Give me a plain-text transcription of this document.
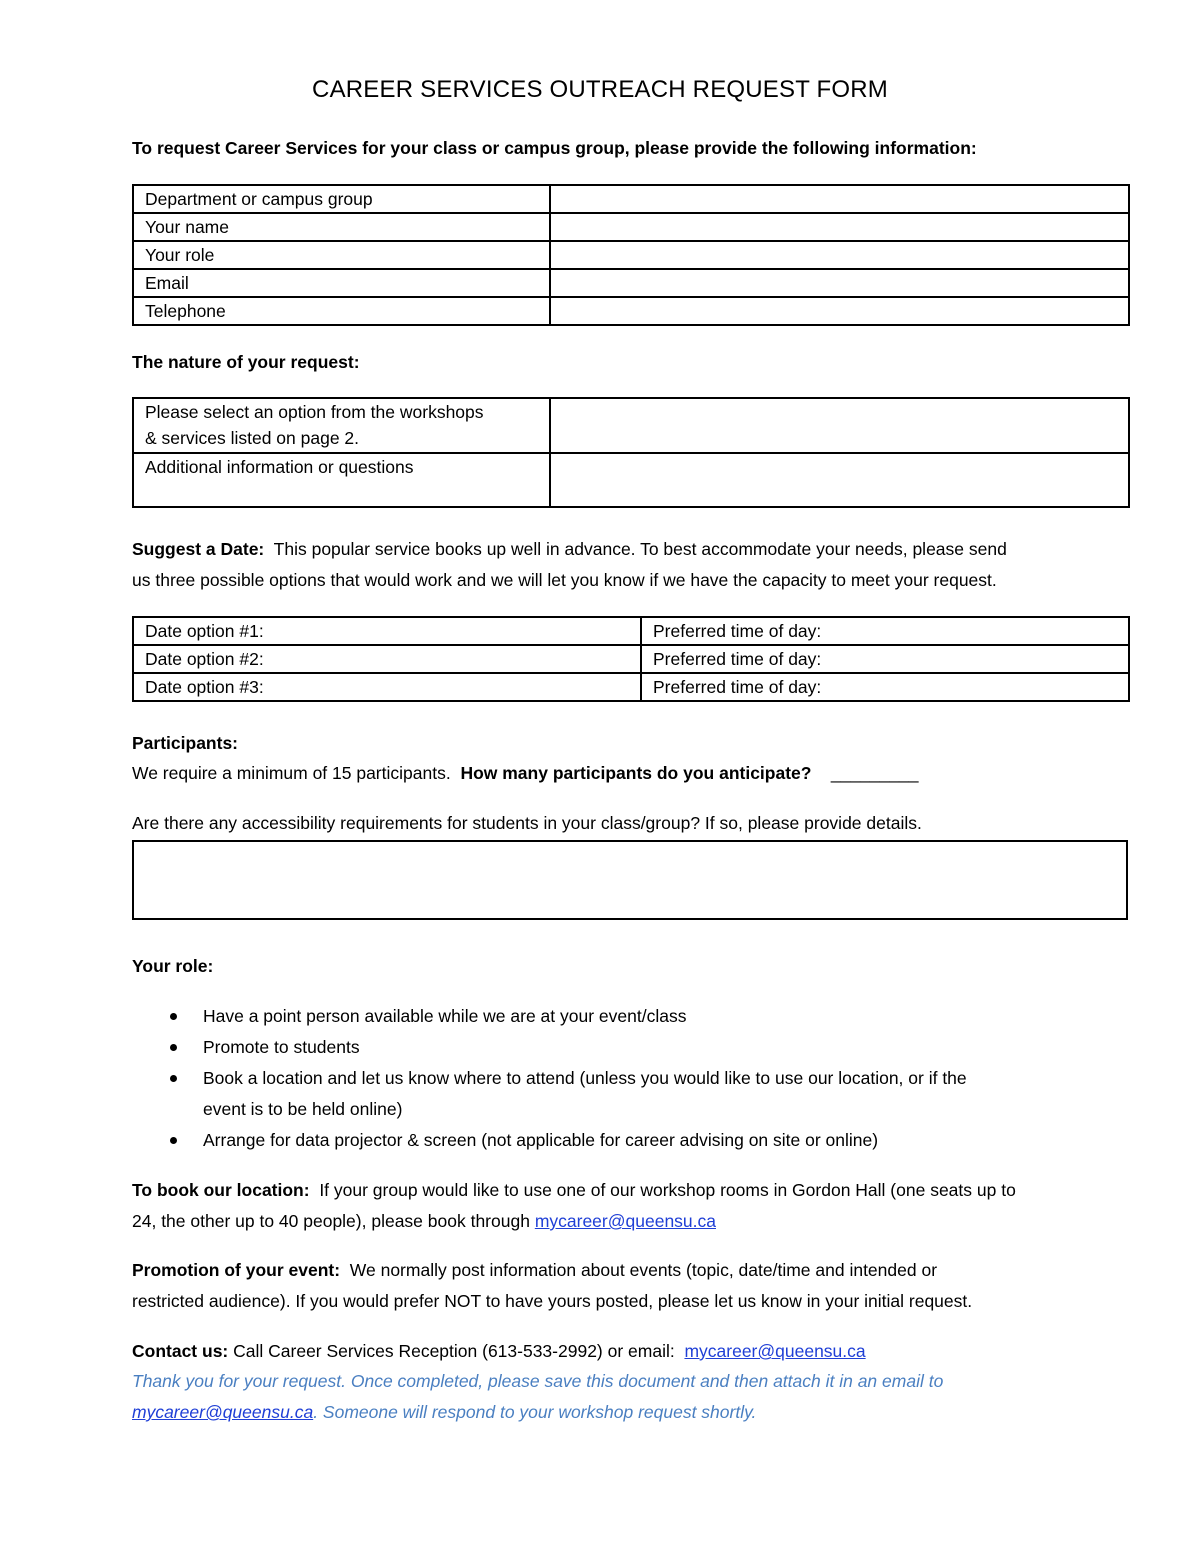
CAREER SERVICES OUTREACH REQUEST FORM
To request Career Services for your class or campus group, please provide the following information:
Department or campus group	
Your name	
Your role	
Email	
Telephone	
The nature of your request:
Please select an option from the workshops
& services listed on page 2.	

Additional information or questions	

Suggest a Date: This popular service books up well in advance. To best accommodate your needs, please send
us three possible options that would work and we will let you know if we have the capacity to meet your request.
Date option #1:	Preferred time of day:
Date option #2:	Preferred time of day:
Date option #3:	Preferred time of day:
Participants:
We require a minimum of 15 participants. How many participants do you anticipate? _________
Are there any accessibility requirements for students in your class/group? If so, please provide details.
Your role:
Have a point person available while we are at your event/class
Promote to students
Book a location and let us know where to attend (unless you would like to use our location, or if the
event is to be held online)
Arrange for data projector & screen (not applicable for career advising on site or online)
To book our location: If your group would like to use one of our workshop rooms in Gordon Hall (one seats up to
24, the other up to 40 people), please book through mycareer@queensu.ca
Promotion of your event: We normally post information about events (topic, date/time and intended or
restricted audience). If you would prefer NOT to have yours posted, please let us know in your initial request.
Contact us: Call Career Services Reception (613-533-2992) or email: mycareer@queensu.ca
Thank you for your request. Once completed, please save this document and then attach it in an email to
mycareer@queensu.ca. Someone will respond to your workshop request shortly.
